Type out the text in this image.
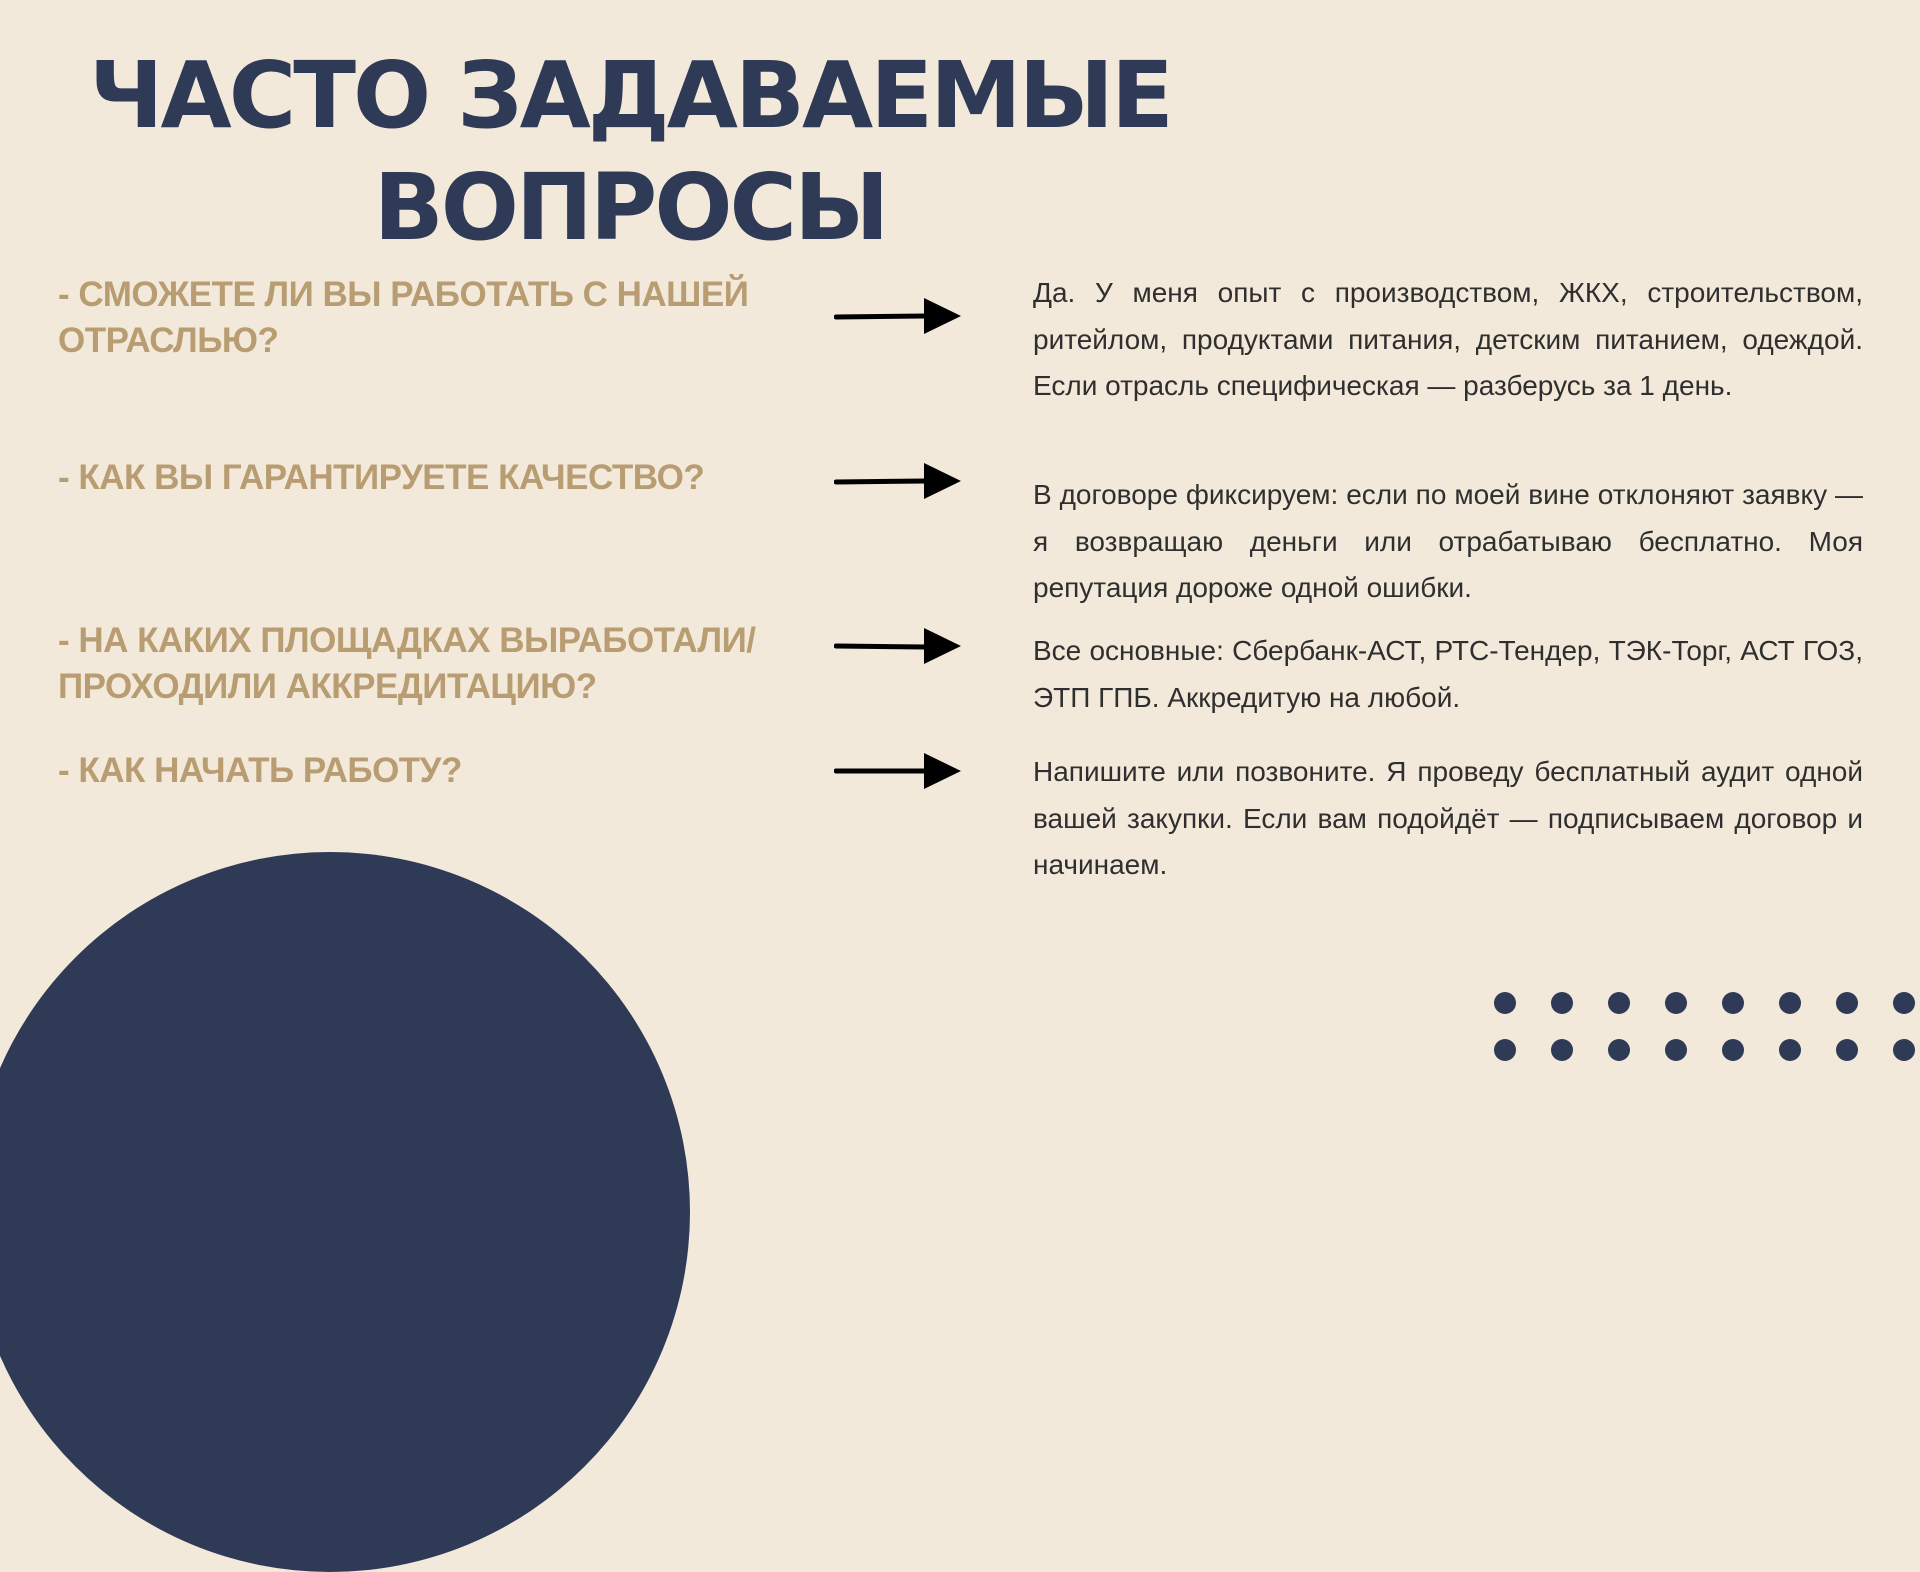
ЧАСТО ЗАДАВАЕМЫЕ
ВОПРОСЫ
- СМОЖЕТЕ ЛИ ВЫ РАБОТАТЬ С НАШЕЙ ОТРАСЛЬЮ?
Да. У меня опыт с производством, ЖКХ, строительством, ритейлом, продуктами питания, детским питанием, одеждой. Если отрасль специфическая — разберусь за 1 день.
- КАК ВЫ ГАРАНТИРУЕТЕ КАЧЕСТВО?	В договоре фиксируем: если по моей вине отклоняют заявку — я возвращаю деньги или отрабатываю бесплатно. Моя репутация дороже одной ошибки.
- НА КАКИХ ПЛОЩАДКАХ ВЫРАБОТАЛИ/ ПРОХОДИЛИ АККРЕДИТАЦИЮ?
Все основные: Сбербанк-АСТ, РТС-Тендер, ТЭК-Торг, АСТ ГОЗ, ЭТП ГПБ. Аккредитую на любой.
- КАК НАЧАТЬ РАБОТУ?	Напишите или позвоните. Я проведу бесплатный аудит одной вашей закупки. Если вам подойдёт — подписываем договор и начинаем.
